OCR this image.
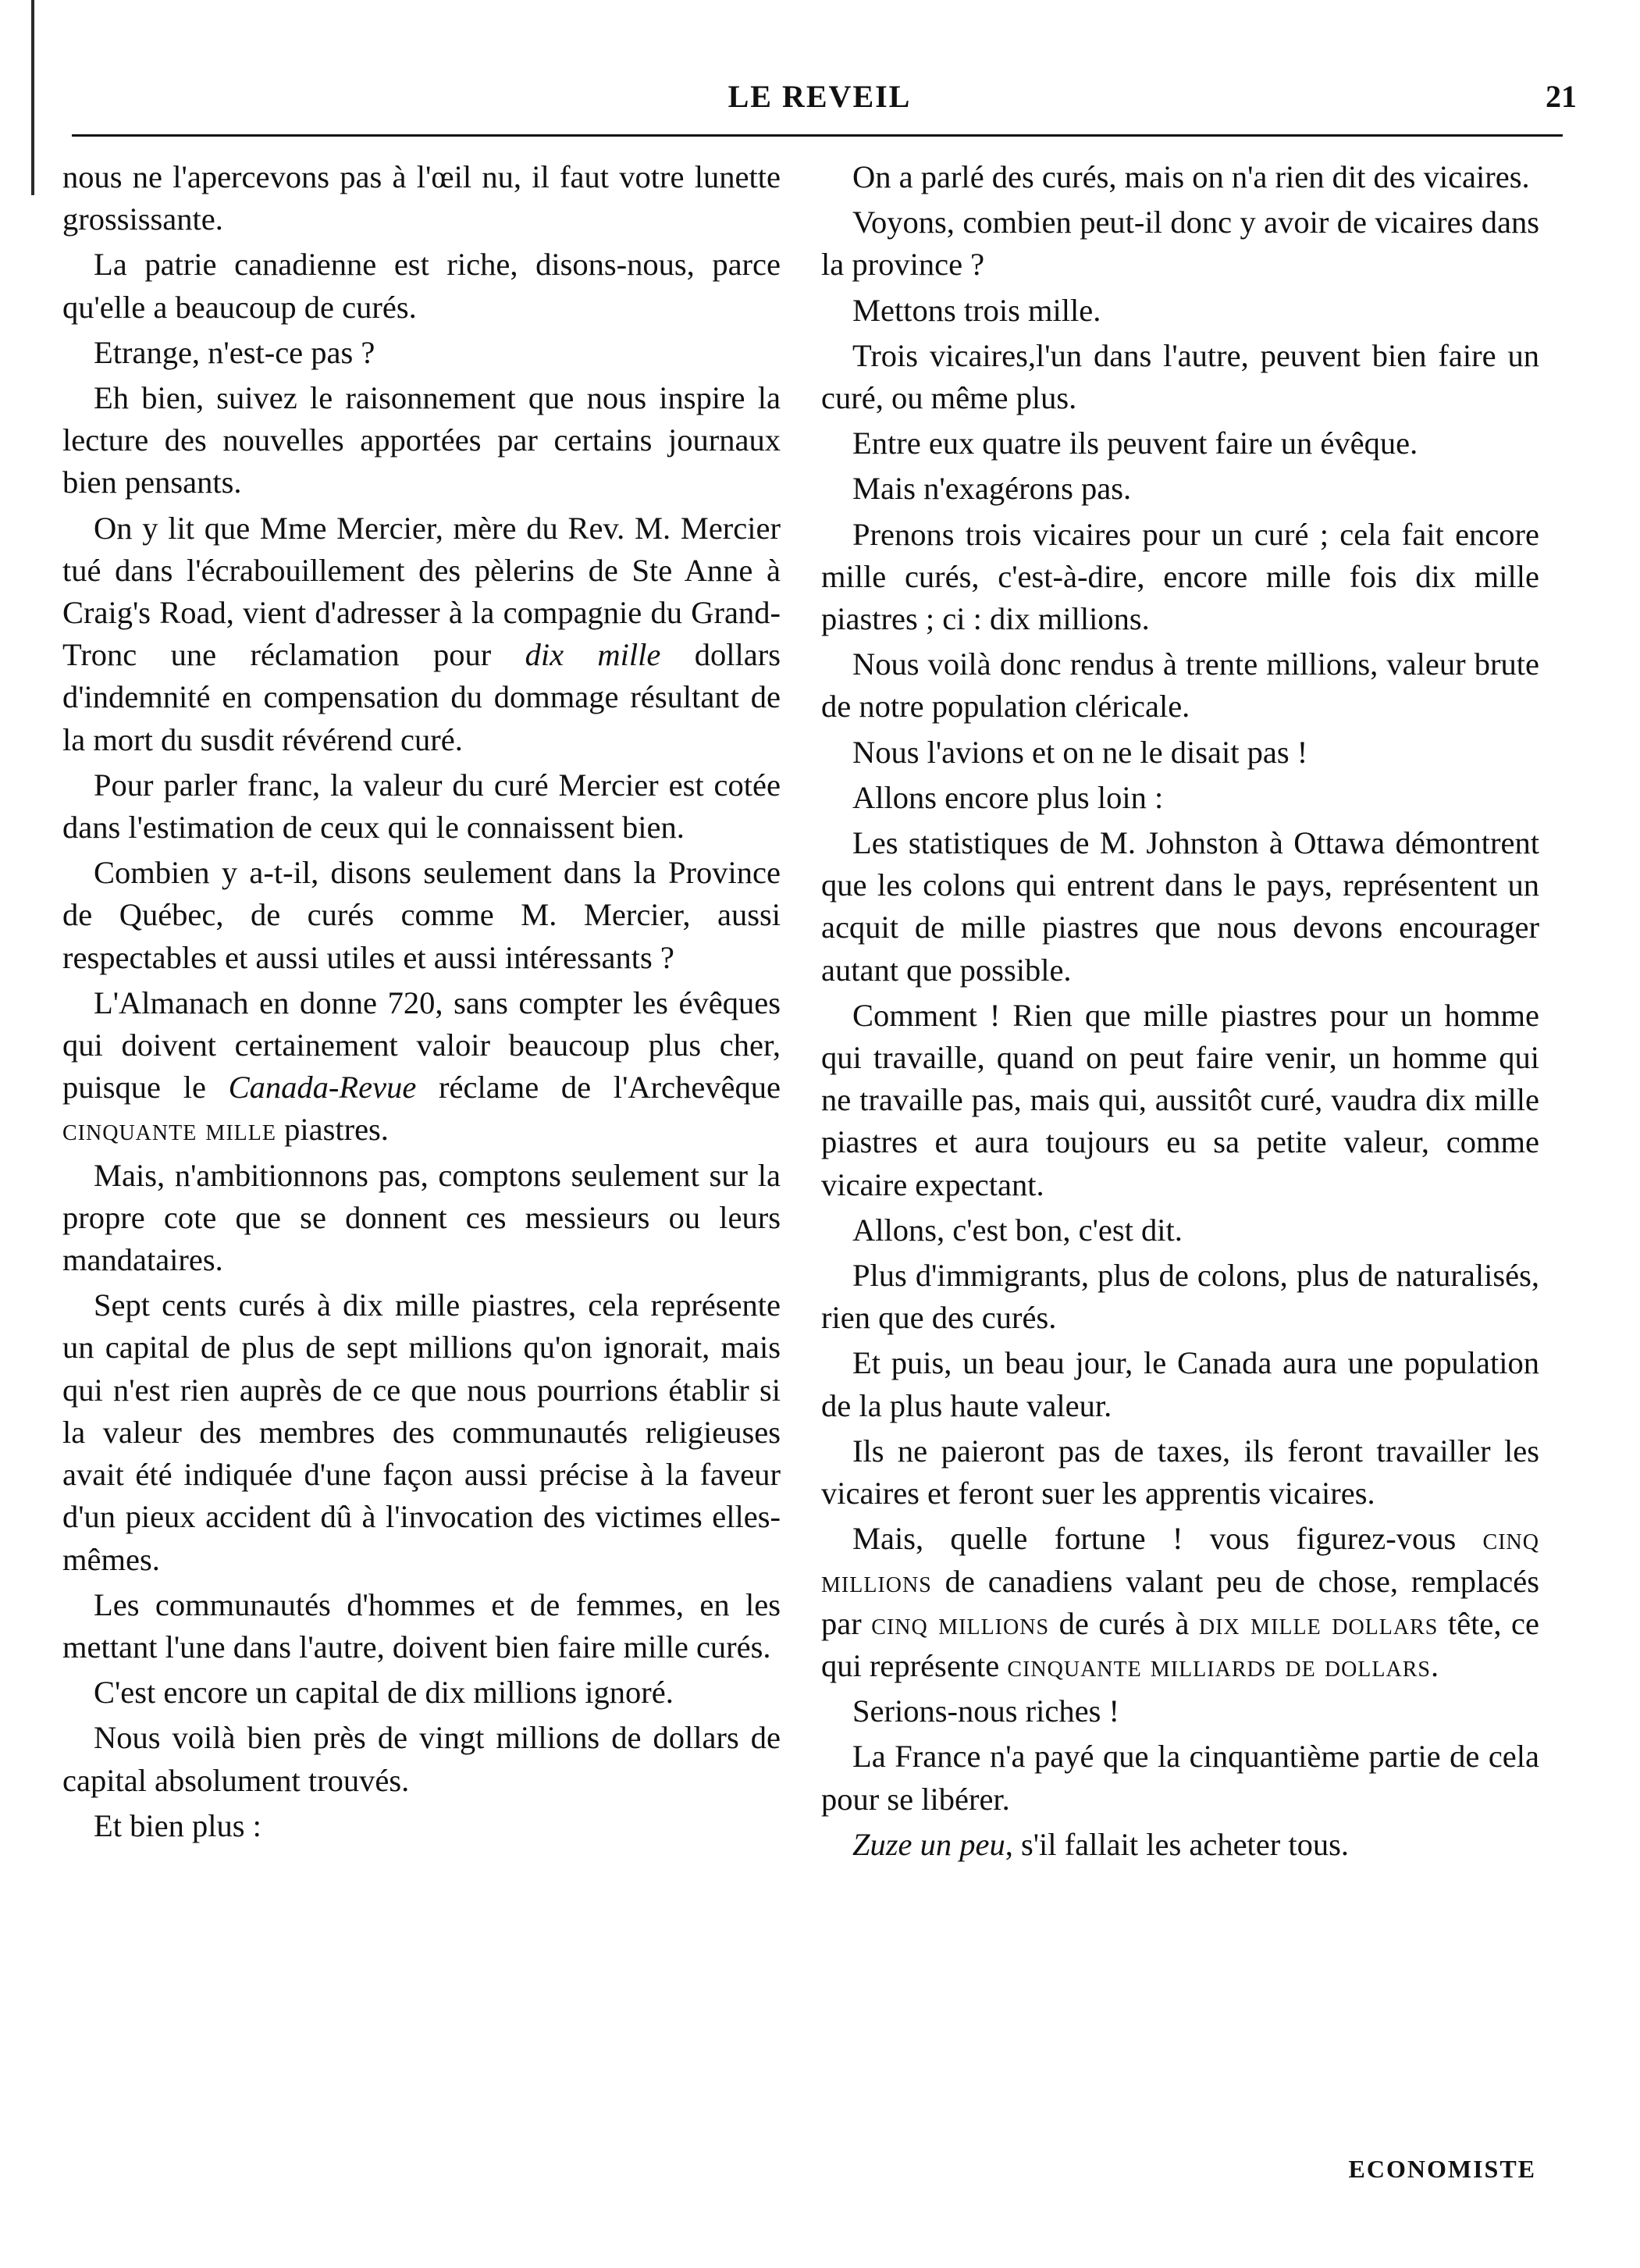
LE REVEIL	21

nous ne l'apercevons pas à l'œil nu, il faut votre lunette grossissante.

La patrie canadienne est riche, disons-nous, parce qu'elle a beaucoup de curés.

Etrange, n'est-ce pas ?

Eh bien, suivez le raisonnement que nous inspire la lecture des nouvelles apportées par certains journaux bien pensants.

On y lit que Mme Mercier, mère du Rev. M. Mercier tué dans l'écrabouillement des pèlerins de Ste Anne à Craig's Road, vient d'adresser à la compagnie du Grand-Tronc une réclamation pour dix mille dollars d'indemnité en compensation du dommage résultant de la mort du susdit révérend curé.

Pour parler franc, la valeur du curé Mercier est cotée dans l'estimation de ceux qui le connaissent bien.

Combien y a-t-il, disons seulement dans la Province de Québec, de curés comme M. Mercier, aussi respectables et aussi utiles et aussi intéressants ?

L'Almanach en donne 720, sans compter les évêques qui doivent certainement valoir beaucoup plus cher, puisque le Canada-Revue réclame de l'Archevêque cinquante mille piastres.

Mais, n'ambitionnons pas, comptons seulement sur la propre cote que se donnent ces messieurs ou leurs mandataires.

Sept cents curés à dix mille piastres, cela représente un capital de plus de sept millions qu'on ignorait, mais qui n'est rien auprès de ce que nous pourrions établir si la valeur des membres des communautés religieuses avait été indiquée d'une façon aussi précise à la faveur d'un pieux accident dû à l'invocation des victimes elles-mêmes.

Les communautés d'hommes et de femmes, en les mettant l'une dans l'autre, doivent bien faire mille curés.

C'est encore un capital de dix millions ignoré.

Nous voilà bien près de vingt millions de dollars de capital absolument trouvés.

Et bien plus :

On a parlé des curés, mais on n'a rien dit des vicaires.

Voyons, combien peut-il donc y avoir de vicaires dans la province ?

Mettons trois mille.

Trois vicaires,l'un dans l'autre, peuvent bien faire un curé, ou même plus.

Entre eux quatre ils peuvent faire un évêque.

Mais n'exagérons pas.

Prenons trois vicaires pour un curé ; cela fait encore mille curés, c'est-à-dire, encore mille fois dix mille piastres ; ci : dix millions.

Nous voilà donc rendus à trente millions, valeur brute de notre population cléricale.

Nous l'avions et on ne le disait pas !

Allons encore plus loin :

Les statistiques de M. Johnston à Ottawa démontrent que les colons qui entrent dans le pays, représentent un acquit de mille piastres que nous devons encourager autant que possible.

Comment ! Rien que mille piastres pour un homme qui travaille, quand on peut faire venir, un homme qui ne travaille pas, mais qui, aussitôt curé, vaudra dix mille piastres et aura toujours eu sa petite valeur, comme vicaire expectant.

Allons, c'est bon, c'est dit.

Plus d'immigrants, plus de colons, plus de naturalisés, rien que des curés.

Et puis, un beau jour, le Canada aura une population de la plus haute valeur.

Ils ne paieront pas de taxes, ils feront travailler les vicaires et feront suer les apprentis vicaires.

Mais, quelle fortune ! vous figurez-vous cinq millions de canadiens valant peu de chose, remplacés par cinq millions de curés à dix mille dollars tête, ce qui représente cinquante milliards de dollars.

Serions-nous riches !

La France n'a payé que la cinquantième partie de cela pour se libérer.

Zuze un peu, s'il fallait les acheter tous.

ECONOMISTE
